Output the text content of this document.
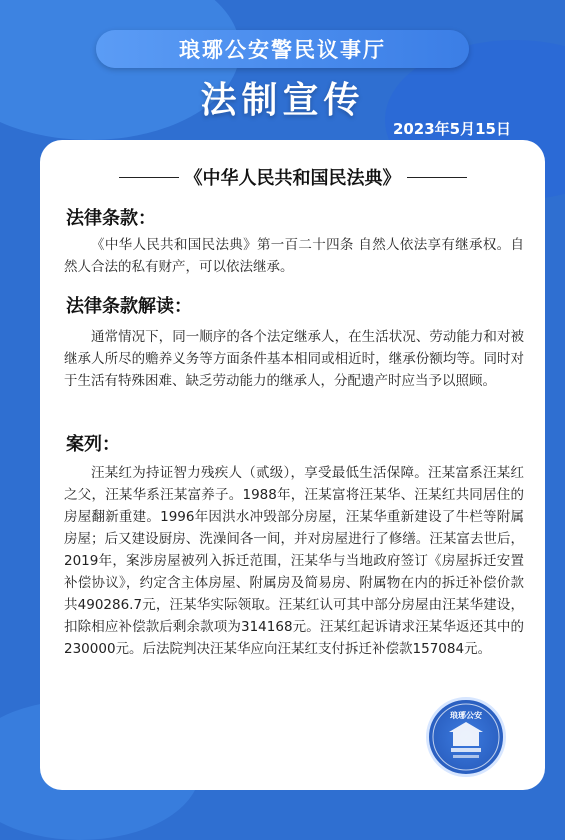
琅琊公安警民议事厅
法制宣传
2023年5月15日
《中华人民共和国民法典》
法律条款：

《中华人民共和国民法典》第一百二十四条 自然人依法享有继承权。自然人合法的私有财产，可以依法继承。

法律条款解读：

通常情况下，同一顺序的各个法定继承人，在生活状况、劳动能力和对被继承人所尽的赡养义务等方面条件基本相同或相近时，继承份额均等。同时对于生活有特殊困难、缺乏劳动能力的继承人，分配遗产时应当予以照顾。

案列：

汪某红为持证智力残疾人（贰级），享受最低生活保障。汪某富系汪某红之父，汪某华系汪某富养子。1988年，汪某富将汪某华、汪某红共同居住的房屋翻新重建。1996年因洪水冲毁部分房屋，汪某华重新建设了牛栏等附属房屋；后又建设厨房、洗澡间各一间，并对房屋进行了修缮。汪某富去世后，2019年，案涉房屋被列入拆迁范围，汪某华与当地政府签订《房屋拆迁安置补偿协议》，约定含主体房屋、附属房及简易房、附属物在内的拆迁补偿价款共490286.7元，汪某华实际领取。汪某红认可其中部分房屋由汪某华建设，扣除相应补偿款后剩余款项为314168元。汪某红起诉请求汪某华返还其中的230000元。后法院判决汪某华应向汪某红支付拆迁补偿款157084元。

琅琊公安
